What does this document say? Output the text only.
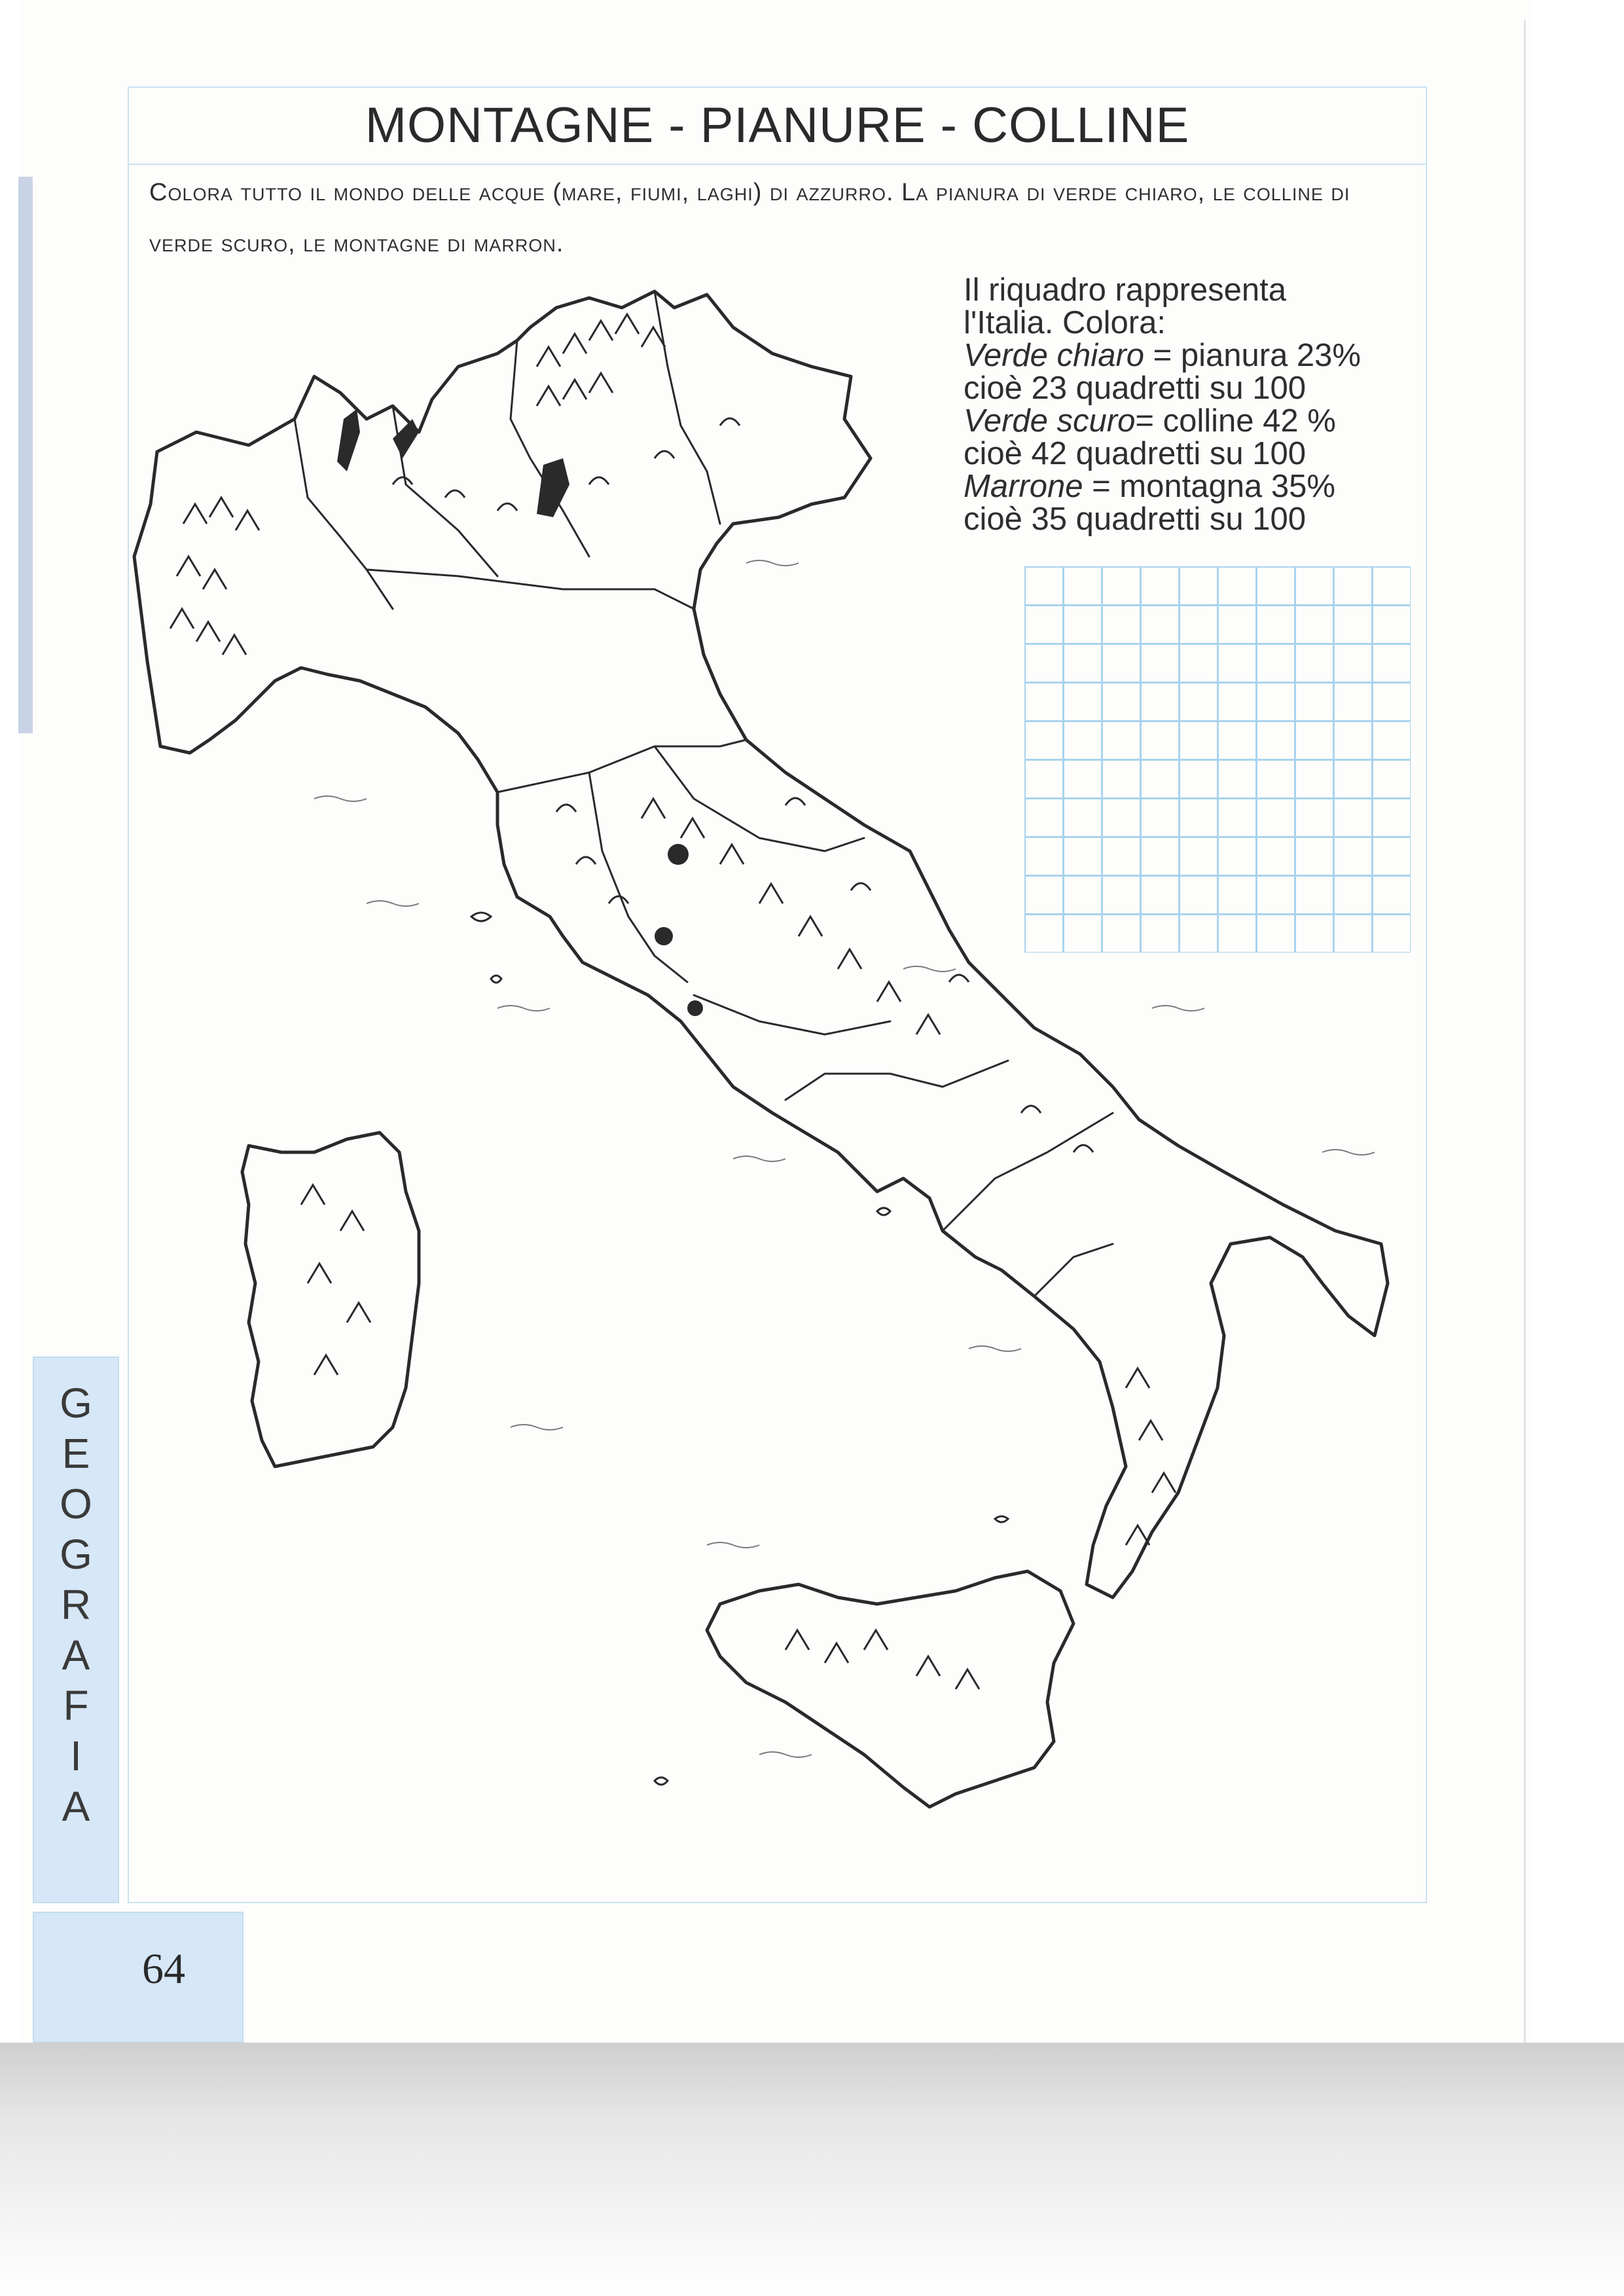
MONTAGNE - PIANURE - COLLINE
Colora tutto il mondo delle acque (mare, fiumi, laghi) di azzurro. La pianura di verde chiaro, le colline di verde scuro, le montagne di marron.
Il riquadro rappresenta
l'Italia. Colora:
Verde chiaro = pianura 23%
cioè 23 quadretti su 100
Verde scuro= colline 42 %
cioè 42 quadretti su 100
Marrone = montagna 35%
cioè 35 quadretti su 100
G
E
O
G
R
A
F
I
A
64
